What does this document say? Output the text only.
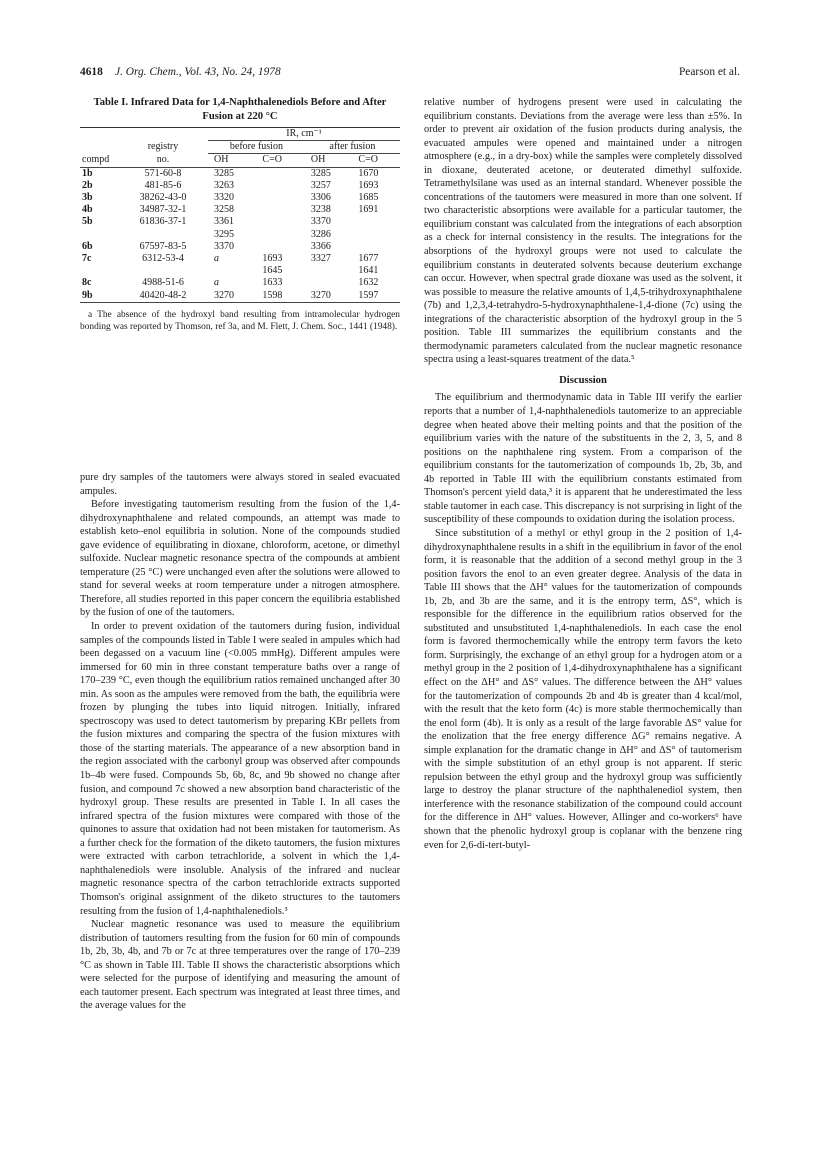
4618 J. Org. Chem., Vol. 43, No. 24, 1978	Pearson et al.
Table I. Infrared Data for 1,4-Naphthalenediols Before and After Fusion at 220 °C
		IR, cm⁻¹			
	registry	before fusion		after fusion	
compd	no.	OH	C=O	OH	C=O
1b	571-60-8	3285		3285	1670
2b	481-85-6	3263		3257	1693
3b	38262-43-0	3320		3306	1685
4b	34987-32-1	3258		3238	1691
5b	61836-37-1	3361		3370	
		3295		3286	
6b	67597-83-5	3370		3366	
7c	6312-53-4	a	1693	3327	1677
			1645		1641
8c	4988-51-6	a	1633		1632
9b	40420-48-2	3270	1598	3270	1597
a The absence of the hydroxyl band resulting from intramolecular hydrogen bonding was reported by Thomson, ref 3a, and M. Flett, J. Chem. Soc., 1441 (1948).

pure dry samples of the tautomers were always stored in sealed evacuated ampules.

Before investigating tautomerism resulting from the fusion of the 1,4-dihydroxynaphthalene and related compounds, an attempt was made to establish keto–enol equilibria in solution. None of the compounds studied gave evidence of equilibrating in dioxane, chloroform, acetone, or dimethyl sulfoxide. Nuclear magnetic resonance spectra of the compounds at ambient temperature (25 °C) were unchanged even after the solutions were allowed to stand for several weeks at room temperature under a nitrogen atmosphere. Therefore, all studies reported in this paper concern the equilibria established by the fusion of one of the tautomers.

In order to prevent oxidation of the tautomers during fusion, individual samples of the compounds listed in Table I were sealed in ampules which had been degassed on a vacuum line (<0.005 mmHg). Different ampules were immersed for 60 min in three constant temperature baths over a range of 170–239 °C, even though the equilibrium ratios remained unchanged after 30 min. As soon as the ampules were removed from the bath, the equilibria were frozen by plunging the tubes into liquid nitrogen. Initially, infrared spectroscopy was used to detect tautomerism by preparing KBr pellets from the fusion mixtures and comparing the spectra of the fusion mixtures with those of the starting materials. The appearance of a new absorption band in the region associated with the carbonyl group was observed after compounds 1b–4b were fused. Compounds 5b, 6b, 8c, and 9b showed no change after fusion, and compound 7c showed a new absorption band characteristic of the hydroxyl group. These results are presented in Table I. In all cases the infrared spectra of the fusion mixtures were compared with those of the quinones to assure that oxidation had not been mistaken for tautomerism. As a further check for the formation of the diketo tautomers, the fusion mixtures were extracted with carbon tetrachloride, a solvent in which the 1,4-naphthalenediols were insoluble. Analysis of the infrared and nuclear magnetic resonance spectra of the carbon tetrachloride extracts supported Thomson's original assignment of the diketo structures to the tautomers resulting from the fusion of 1,4-naphthalenediols.³

Nuclear magnetic resonance was used to measure the equilibrium distribution of tautomers resulting from the fusion for 60 min of compounds 1b, 2b, 3b, 4b, and 7b or 7c at three temperatures over the range of 170–239 °C as shown in Table III. Table II shows the characteristic absorptions which were selected for the purpose of identifying and measuring the amount of each tautomer present. Each spectrum was integrated at least three times, and the average values for the

relative number of hydrogens present were used in calculating the equilibrium constants. Deviations from the average were less than ±5%. In order to prevent air oxidation of the fusion products during analysis, the evacuated ampules were opened and maintained under a nitrogen atmosphere (e.g., in a dry-box) while the samples were completely dissolved in dioxane, deuterated acetone, or deuterated dimethyl sulfoxide. Tetramethylsilane was used as an internal standard. Whenever possible the concentrations of the tautomers were measured in more than one solvent. If two characteristic absorptions were available for a particular tautomer, the equilibrium constant was calculated from the integrations of each absorption as a check for internal consistency in the results. The integrations for the absorptions of the hydroxyl groups were not used to calculate the equilibrium constants in deuterated solvents because deuterium exchange can occur. However, when spectral grade dioxane was used as the solvent, it was possible to measure the relative amounts of 1,4,5-trihydroxynaphthalene (7b) and 1,2,3,4-tetrahydro-5-hydroxynaphthalene-1,4-dione (7c) using the integrations of the characteristic absorption of the hydroxyl group in the 5 position. Table III summarizes the equilibrium constants and the thermodynamic parameters calculated from the nuclear magnetic resonance spectra using a least-squares treatment of the data.⁵

Discussion

The equilibrium and thermodynamic data in Table III verify the earlier reports that a number of 1,4-naphthalenediols tautomerize to an appreciable degree when heated above their melting points and that the position of the equilibrium varies with the nature of the substituents in the 2, 3, 5, and 8 positions on the naphthalene ring system. From a comparison of the equilibrium constants for the tautomerization of compounds 1b, 2b, 3b, and 4b reported in Table III with the equilibrium constants estimated from Thomson's percent yield data,³ it is apparent that he underestimated the less stable tautomer in each case. This discrepancy is not surprising in light of the susceptibility of these compounds to oxidation during the isolation process.

Since substitution of a methyl or ethyl group in the 2 position of 1,4-dihydroxynaphthalene results in a shift in the equilibrium in favor of the enol form, it is reasonable that the addition of a second methyl group in the 3 position favors the enol to an even greater degree. Analysis of the data in Table III shows that the ΔH° values for the tautomerization of compounds 1b, 2b, and 3b are the same, and it is the entropy term, ΔS°, which is responsible for the difference in the equilibrium ratios observed for the substituted and unsubstituted 1,4-naphthalenediols. In each case the enol form is favored thermochemically while the entropy term favors the keto form. Surprisingly, the exchange of an ethyl group for a hydrogen atom or a methyl group in the 2 position of 1,4-dihydroxynaphthalene has a significant effect on the ΔH° and ΔS° values. The difference between the ΔH° values for the tautomerization of compounds 2b and 4b is greater than 4 kcal/mol, with the result that the keto form (4c) is more stable thermochemically than the enol form (4b). It is only as a result of the large favorable ΔS° value for the enolization that the free energy difference ΔG° remains negative. A simple explanation for the dramatic change in ΔH° and ΔS° of tautomerism with the simple substitution of an ethyl group is not apparent. If steric repulsion between the ethyl group and the hydroxyl group was sufficiently large to destroy the planar structure of the naphthalenediol system, then interference with the resonance stabilization of the compound could account for the difference in ΔH° values. However, Allinger and co-workers⁶ have shown that the phenolic hydroxyl group is coplanar with the benzene ring even for 2,6-di-tert-butyl-
